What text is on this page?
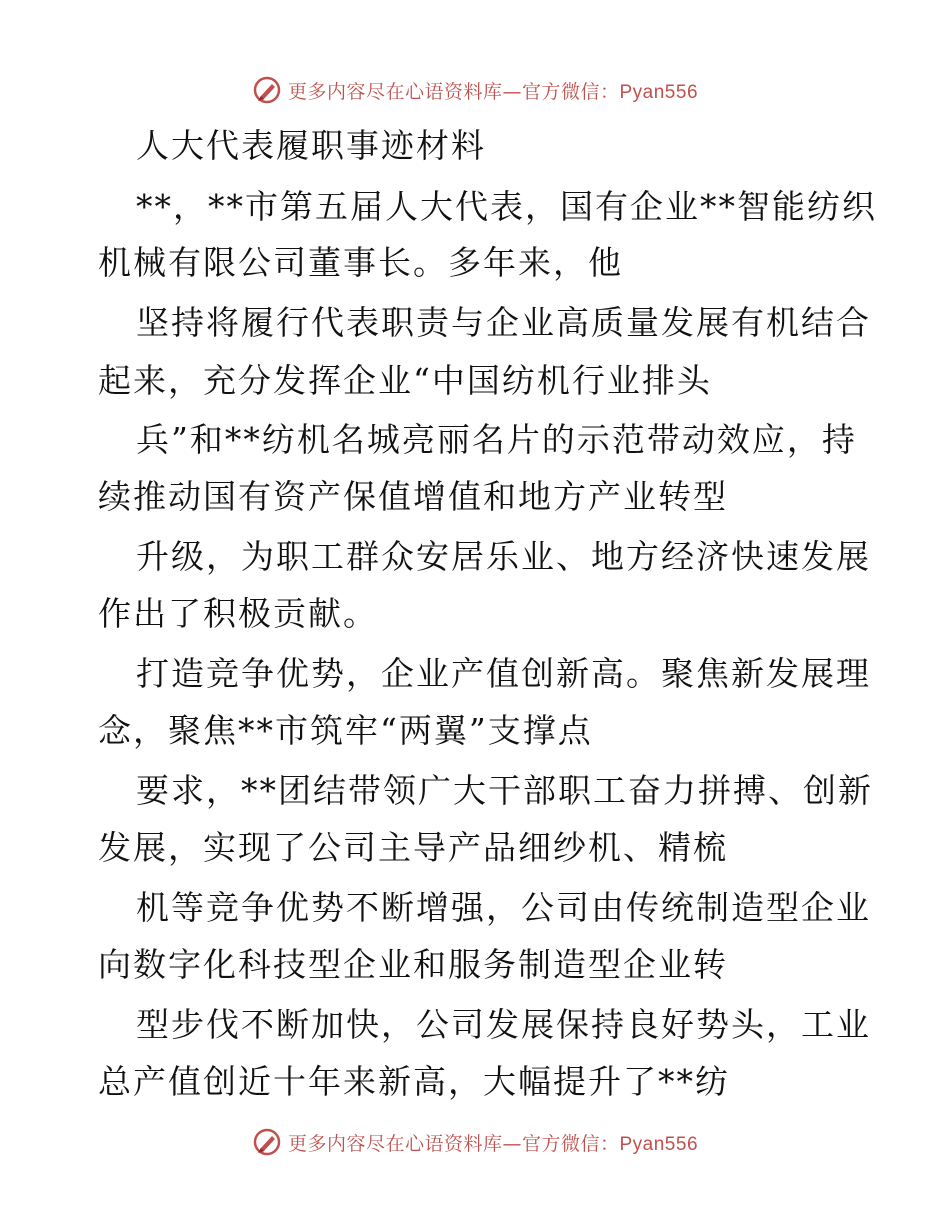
更多内容尽在心语资料库—官方微信：Pyan556
人大代表履职事迹材料
**，**市第五届人大代表，国有企业**智能纺织
机械有限公司董事长。多年来，他
坚持将履行代表职责与企业高质量发展有机结合
起来，充分发挥企业“中国纺机行业排头
兵”和**纺机名城亮丽名片的示范带动效应，持
续推动国有资产保值增值和地方产业转型
升级，为职工群众安居乐业、地方经济快速发展
作出了积极贡献。
打造竞争优势，企业产值创新高。聚焦新发展理
念，聚焦**市筑牢“两翼”支撑点
要求，**团结带领广大干部职工奋力拼搏、创新
发展，实现了公司主导产品细纱机、精梳
机等竞争优势不断增强，公司由传统制造型企业
向数字化科技型企业和服务制造型企业转
型步伐不断加快，公司发展保持良好势头，工业
总产值创近十年来新高，大幅提升了**纺
更多内容尽在心语资料库—官方微信：Pyan556
